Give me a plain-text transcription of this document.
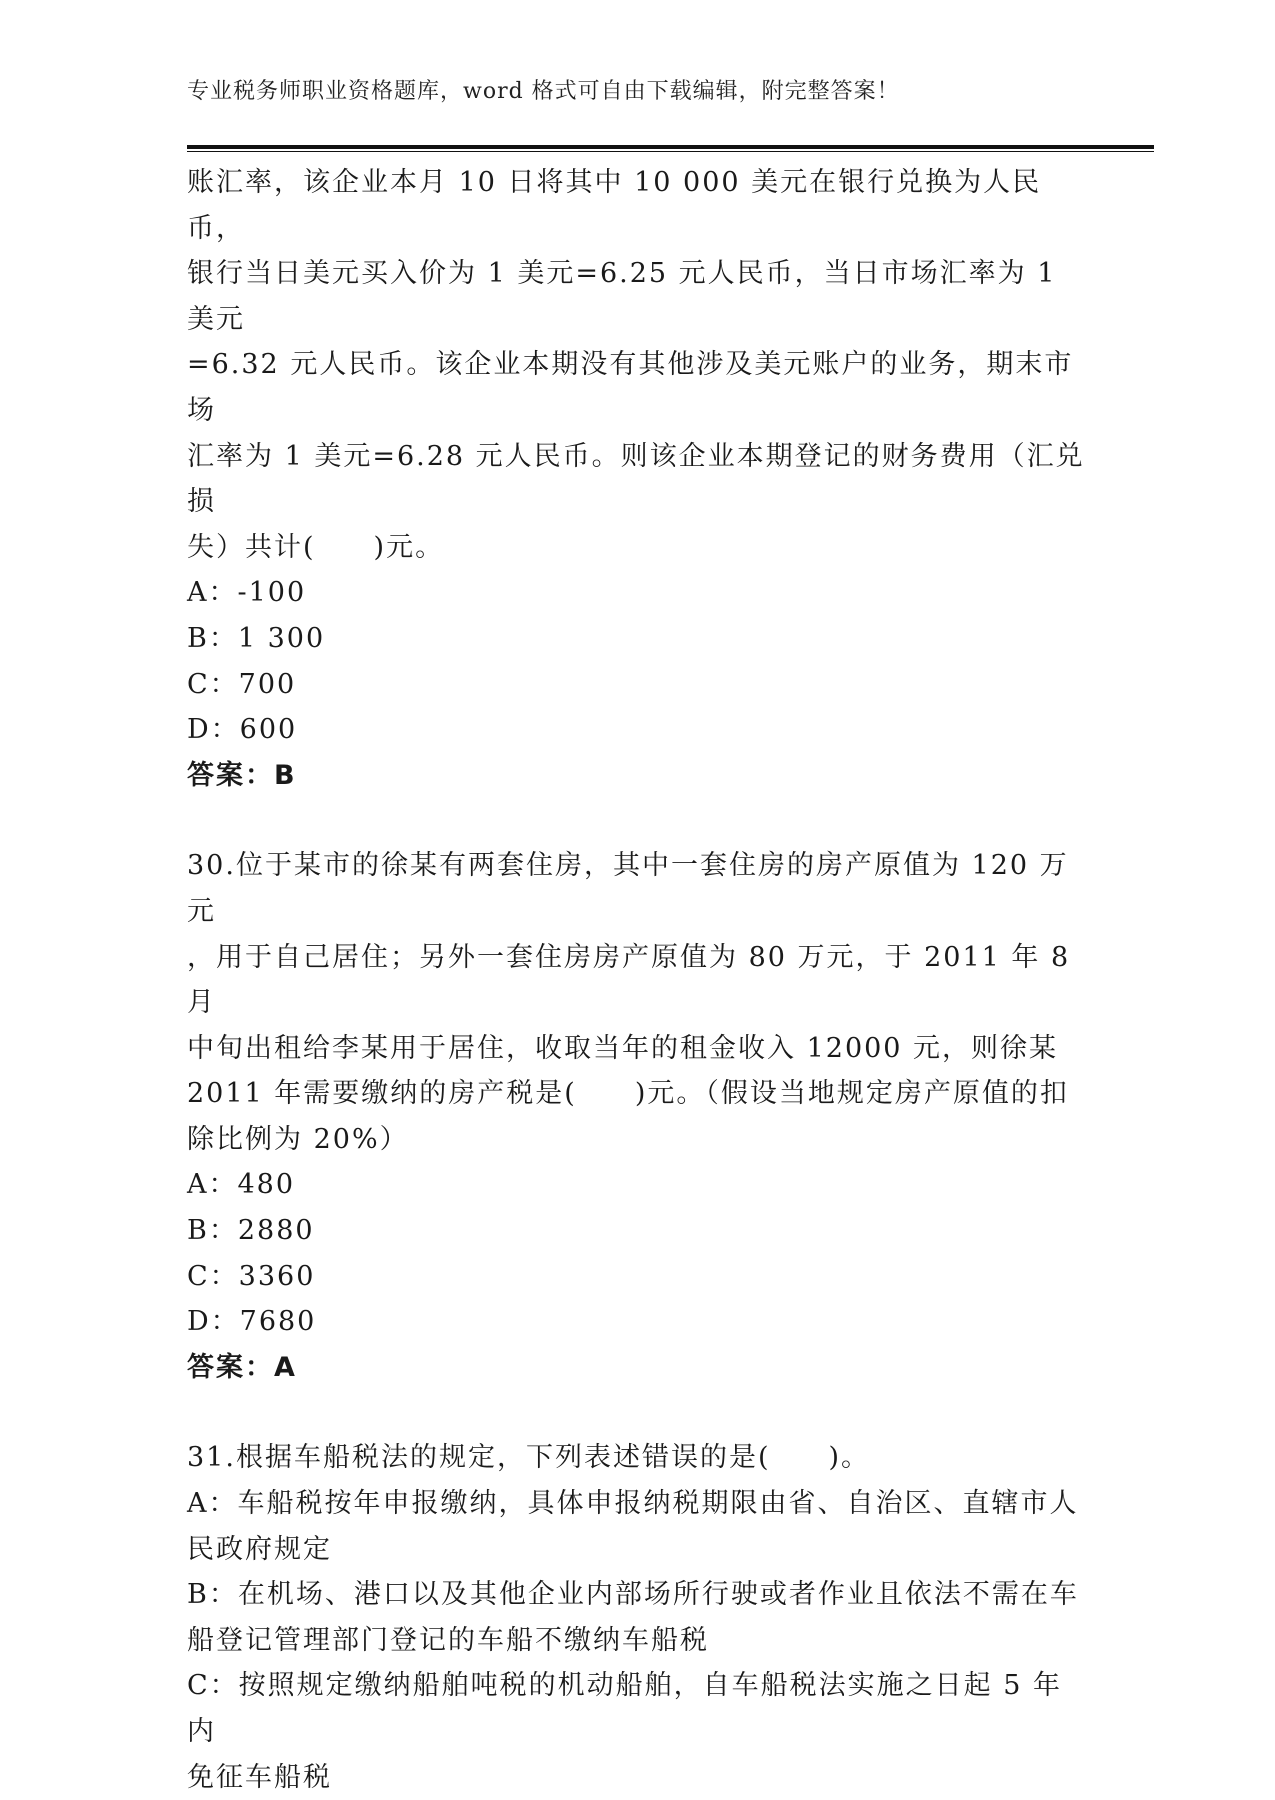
专业税务师职业资格题库，word 格式可自由下载编辑，附完整答案！

账汇率，该企业本月 10 日将其中 10 000 美元在银行兑换为人民币，

银行当日美元买入价为 1 美元=6.25 元人民币，当日市场汇率为 1 美元

=6.32 元人民币。该企业本期没有其他涉及美元账户的业务，期末市场

汇率为 1 美元=6.28 元人民币。则该企业本期登记的财务费用（汇兑损

失）共计(　　)元。

A：-100

B：1 300

C：700

D：600

答案：B

30.位于某市的徐某有两套住房，其中一套住房的房产原值为 120 万元

，用于自己居住；另外一套住房房产原值为 80 万元，于 2011 年 8 月

中旬出租给李某用于居住，收取当年的租金收入 12000 元，则徐某

2011 年需要缴纳的房产税是(　　)元。（假设当地规定房产原值的扣

除比例为 20%）

A：480

B：2880

C：3360

D：7680

答案：A

31.根据车船税法的规定，下列表述错误的是(　　)。

A：车船税按年申报缴纳，具体申报纳税期限由省、自治区、直辖市人

民政府规定

B：在机场、港口以及其他企业内部场所行驶或者作业且依法不需在车

船登记管理部门登记的车船不缴纳车船税

C：按照规定缴纳船舶吨税的机动船舶，自车船税法实施之日起 5 年内

免征车船税
